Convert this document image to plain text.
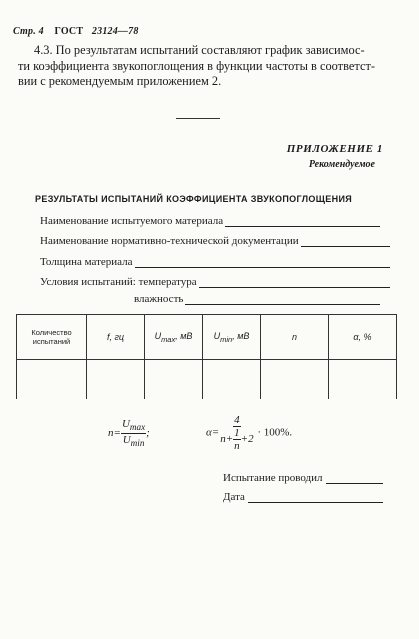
Стр. 4 ГОСТ 23124—78
4.3. По результатам испытаний составляют график зависимос-
ти коэффициента звукопоглощения в функции частоты в соответст-
вии с рекомендуемым приложением 2.
ПРИЛОЖЕНИЕ 1
Рекомендуемое
РЕЗУЛЬТАТЫ ИСПЫТАНИЙ КОЭФФИЦИЕНТА ЗВУКОПОГЛОЩЕНИЯ
Наименование испытуемого материала
Наименование нормативно-технической документации
Толщина материала
Условия испытаний: температура
влажность
Количество испытаний	f, гц	$U_{max}$, мВ	$U_{min}$, мВ	n	α, %

$n= \frac{U_{max}}{U_{min}}$ ;	$\alpha= \frac{4}{n+ \frac{1}{n} +2} \cdot 100\%$.
Испытание проводил
Дата
